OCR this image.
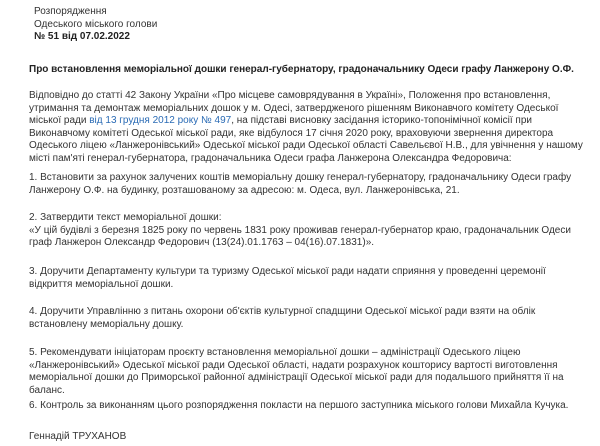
Розпорядження
Одеського міського голови
№ 51 від 07.02.2022
Про встановлення меморіальної дошки генерал-губернатору, градоначальнику Одеси графу Ланжерону О.Ф.
Відповідно до статті 42 Закону України «Про місцеве самоврядування в Україні», Положення про встановлення, утримання та демонтаж меморіальних дошок у м. Одесі, затвердженого рішенням Виконавчого комітету Одеської міської ради від 13 грудня 2012 року № 497, на підставі висновку засідання історико-топонімічної комісії при Виконавчому комітеті Одеської міської ради, яке відбулося 17 січня 2020 року, враховуючи звернення директора Одеського ліцею «Ланжеронівський» Одеської міської ради Одеської області Савельєвої Н.В., для увічнення у нашому місті пам'яті генерал-губернатора, градоначальника Одеси графа Ланжерона Олександра Федоровича:
1. Встановити за рахунок залучених коштів меморіальну дошку генерал-губернатору, градоначальнику Одеси графу Ланжерону О.Ф. на будинку, розташованому за адресою: м. Одеса, вул. Ланжеронівська, 21.
2. Затвердити текст меморіальної дошки:
«У цій будівлі з березня 1825 року по червень 1831 року проживав генерал-губернатор краю, градоначальник Одеси граф Ланжерон Олександр Федорович (13(24).01.1763 – 04(16).07.1831)».
3. Доручити Департаменту культури та туризму Одеської міської ради надати сприяння у проведенні церемонії відкриття меморіальної дошки.
4. Доручити Управлінню з питань охорони об'єктів культурної спадщини Одеської міської ради взяти на облік встановлену меморіальну дошку.
5. Рекомендувати ініціаторам проєкту встановлення меморіальної дошки – адміністрації Одеського ліцею «Ланжеронівський» Одеської міської ради Одеської області, надати розрахунок кошторису вартості виготовлення меморіальної дошки до Приморської районної адміністрації Одеської міської ради для подальшого прийняття її на баланс.
6. Контроль за виконанням цього розпорядження покласти на першого заступника міського голови Михайла Кучука.
Геннадій ТРУХАНОВ
